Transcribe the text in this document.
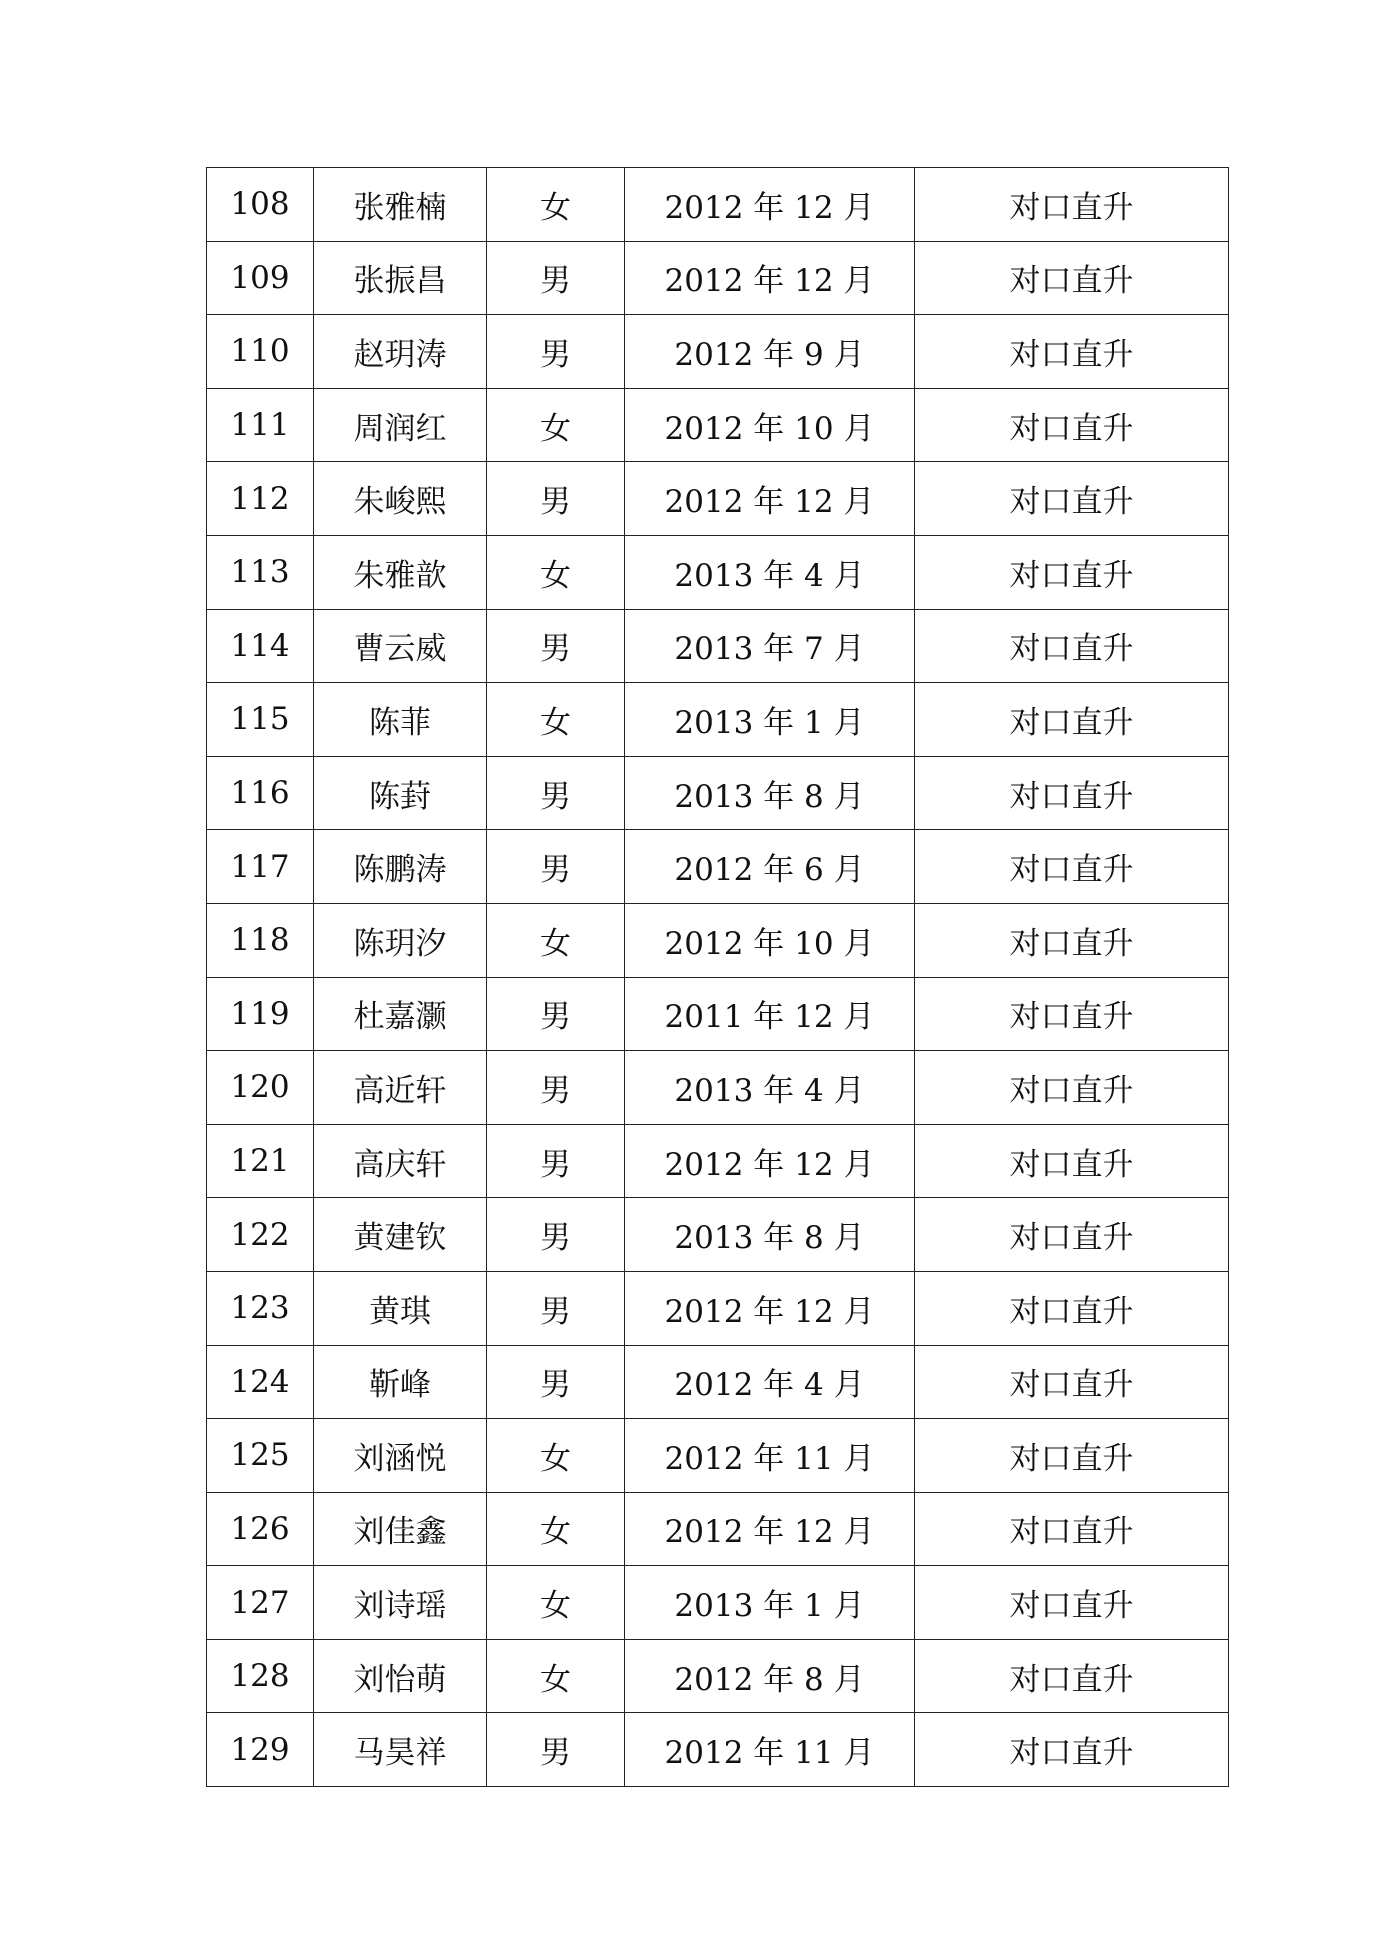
108	张雅楠	女	2012 年 12 月	对口直升
109	张振昌	男	2012 年 12 月	对口直升
110	赵玥涛	男	2012 年 9 月	对口直升
111	周润红	女	2012 年 10 月	对口直升
112	朱峻熙	男	2012 年 12 月	对口直升
113	朱雅歆	女	2013 年 4 月	对口直升
114	曹云威	男	2013 年 7 月	对口直升
115	陈菲	女	2013 年 1 月	对口直升
116	陈葑	男	2013 年 8 月	对口直升
117	陈鹏涛	男	2012 年 6 月	对口直升
118	陈玥汐	女	2012 年 10 月	对口直升
119	杜嘉灏	男	2011 年 12 月	对口直升
120	高近轩	男	2013 年 4 月	对口直升
121	高庆轩	男	2012 年 12 月	对口直升
122	黄建钦	男	2013 年 8 月	对口直升
123	黄琪	男	2012 年 12 月	对口直升
124	靳峰	男	2012 年 4 月	对口直升
125	刘涵悦	女	2012 年 11 月	对口直升
126	刘佳鑫	女	2012 年 12 月	对口直升
127	刘诗瑶	女	2013 年 1 月	对口直升
128	刘怡萌	女	2012 年 8 月	对口直升
129	马昊祥	男	2012 年 11 月	对口直升
